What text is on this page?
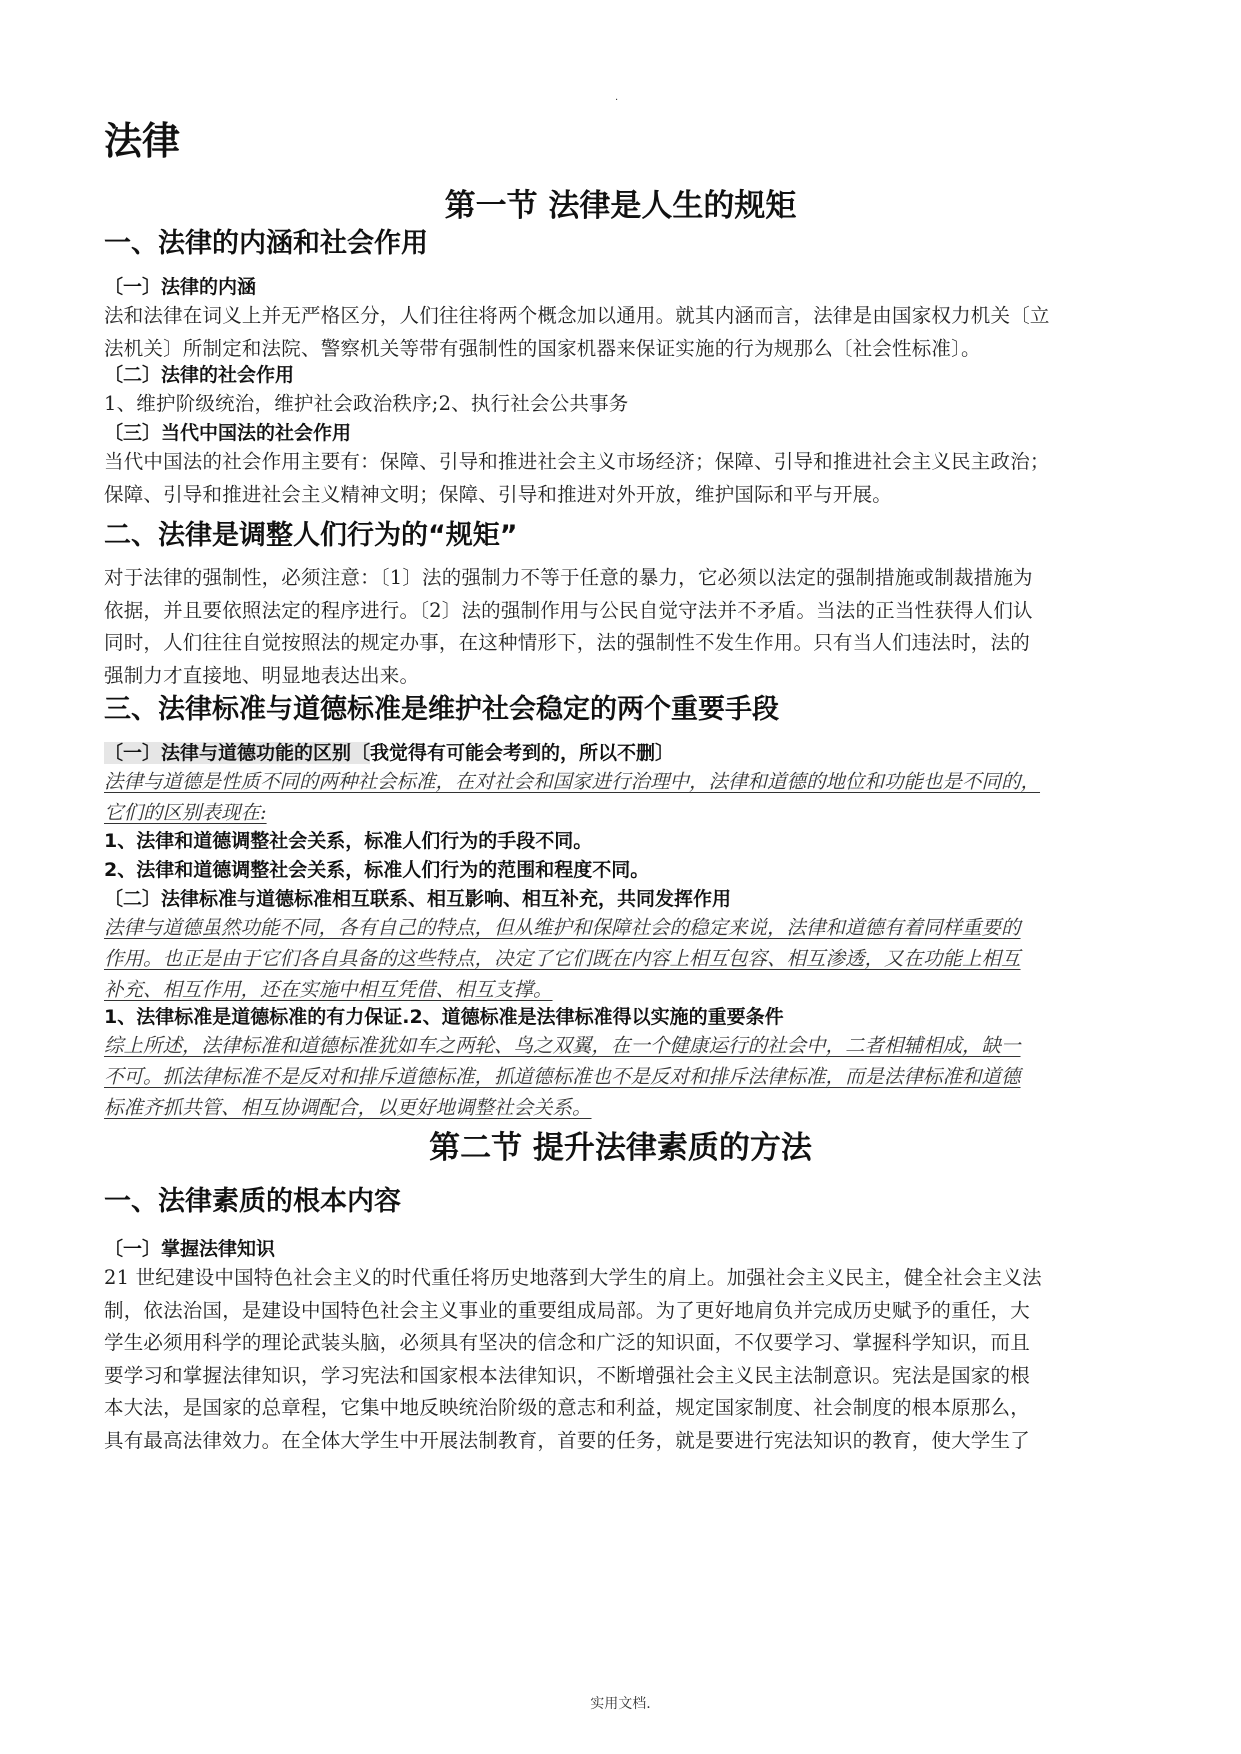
.
法律
第一节 法律是人生的规矩
一、法律的内涵和社会作用
〔一〕法律的内涵
法和法律在词义上并无严格区分，人们往往将两个概念加以通用。就其内涵而言，法律是由国家权力机关〔立
法机关〕所制定和法院、警察机关等带有强制性的国家机器来保证实施的行为规那么〔社会性标准〕。
〔二〕法律的社会作用
1、维护阶级统治，维护社会政治秩序;2、执行社会公共事务
〔三〕当代中国法的社会作用
当代中国法的社会作用主要有：保障、引导和推进社会主义市场经济；保障、引导和推进社会主义民主政治；
保障、引导和推进社会主义精神文明；保障、引导和推进对外开放，维护国际和平与开展。
二、法律是调整人们行为的“规矩”
对于法律的强制性，必须注意：〔1〕法的强制力不等于任意的暴力，它必须以法定的强制措施或制裁措施为
依据，并且要依照法定的程序进行。〔2〕法的强制作用与公民自觉守法并不矛盾。当法的正当性获得人们认
同时，人们往往自觉按照法的规定办事，在这种情形下，法的强制性不发生作用。只有当人们违法时，法的
强制力才直接地、明显地表达出来。
三、法律标准与道德标准是维护社会稳定的两个重要手段
〔一〕法律与道德功能的区别〔我觉得有可能会考到的，所以不删〕
法律与道德是性质不同的两种社会标准，在对社会和国家进行治理中，法律和道德的地位和功能也是不同的，
它们的区别表现在:
1、法律和道德调整社会关系，标准人们行为的手段不同。
2、法律和道德调整社会关系，标准人们行为的范围和程度不同。
〔二〕法律标准与道德标准相互联系、相互影响、相互补充，共同发挥作用
法律与道德虽然功能不同，各有自己的特点，但从维护和保障社会的稳定来说，法律和道德有着同样重要的
作用。也正是由于它们各自具备的这些特点，决定了它们既在内容上相互包容、相互渗透，又在功能上相互
补充、相互作用，还在实施中相互凭借、相互支撑。
1、法律标准是道德标准的有力保证.2、道德标准是法律标准得以实施的重要条件
综上所述，法律标准和道德标准犹如车之两轮、鸟之双翼，在一个健康运行的社会中，二者相辅相成，缺一
不可。抓法律标准不是反对和排斥道德标准，抓道德标准也不是反对和排斥法律标准，而是法律标准和道德
标准齐抓共管、相互协调配合，以更好地调整社会关系。
第二节 提升法律素质的方法
一、法律素质的根本内容
〔一〕掌握法律知识
21 世纪建设中国特色社会主义的时代重任将历史地落到大学生的肩上。加强社会主义民主，健全社会主义法
制，依法治国，是建设中国特色社会主义事业的重要组成局部。为了更好地肩负并完成历史赋予的重任，大
学生必须用科学的理论武装头脑，必须具有坚决的信念和广泛的知识面，不仅要学习、掌握科学知识，而且
要学习和掌握法律知识，学习宪法和国家根本法律知识，不断增强社会主义民主法制意识。宪法是国家的根
本大法，是国家的总章程，它集中地反映统治阶级的意志和利益，规定国家制度、社会制度的根本原那么，
具有最高法律效力。在全体大学生中开展法制教育，首要的任务，就是要进行宪法知识的教育，使大学生了
实用文档.
